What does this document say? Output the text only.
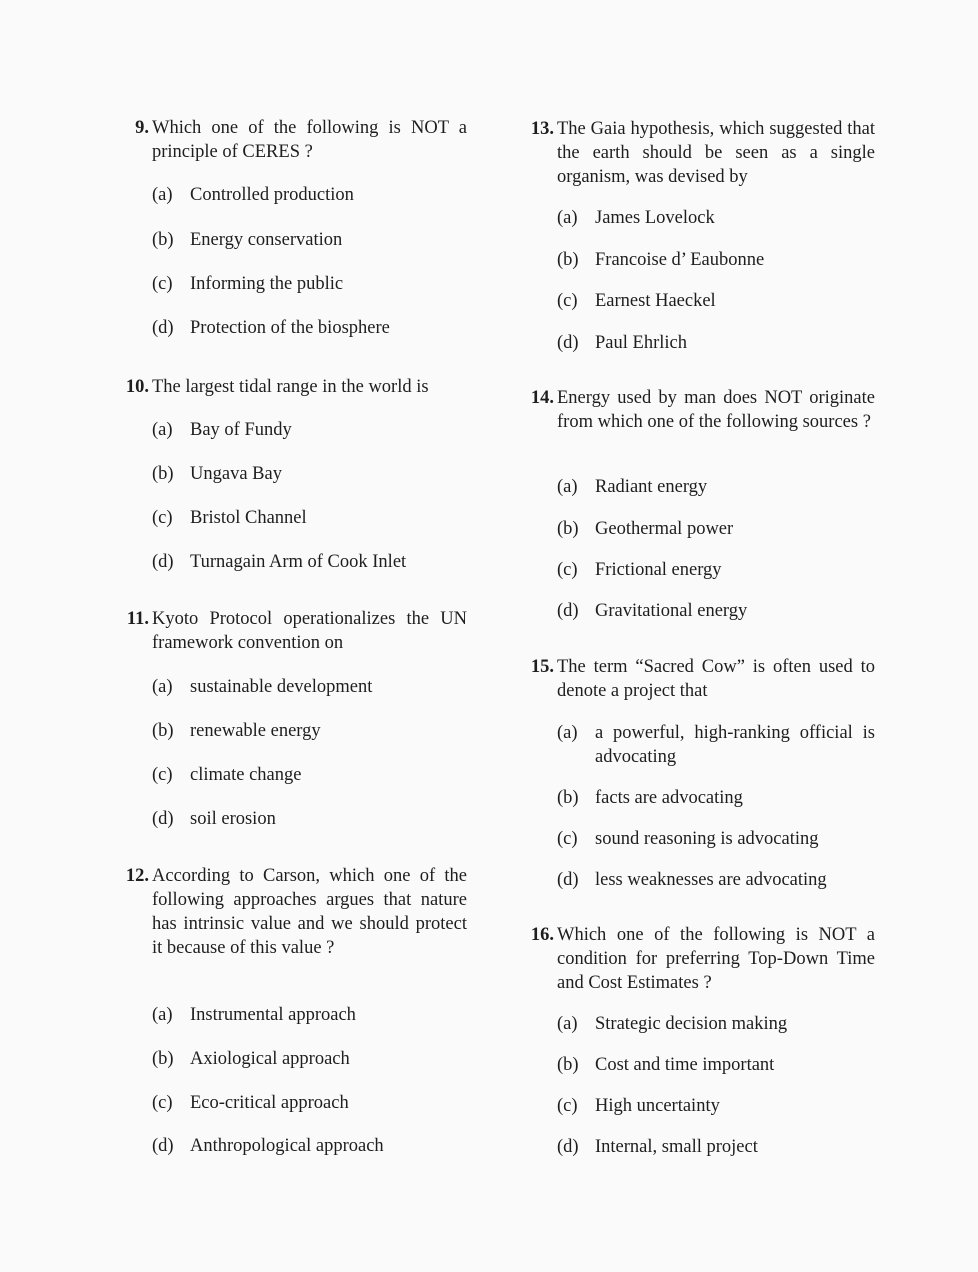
9. Which one of the following is NOT a principle of CERES ?
(a) Controlled production
(b) Energy conservation
(c) Informing the public
(d) Protection of the biosphere
10. The largest tidal range in the world is
(a) Bay of Fundy
(b) Ungava Bay
(c) Bristol Channel
(d) Turnagain Arm of Cook Inlet
11. Kyoto Protocol operationalizes the UN framework convention on
(a) sustainable development
(b) renewable energy
(c) climate change
(d) soil erosion
12. According to Carson, which one of the following approaches argues that nature has intrinsic value and we should protect it because of this value ?
(a) Instrumental approach
(b) Axiological approach
(c) Eco-critical approach
(d) Anthropological approach
13. The Gaia hypothesis, which suggested that the earth should be seen as a single organism, was devised by
(a) James Lovelock
(b) Francoise d’ Eaubonne
(c) Earnest Haeckel
(d) Paul Ehrlich
14. Energy used by man does NOT originate from which one of the following sources ?
(a) Radiant energy
(b) Geothermal power
(c) Frictional energy
(d) Gravitational energy
15. The term “Sacred Cow” is often used to denote a project that
(a) a powerful, high-ranking official is advocating
(b) facts are advocating
(c) sound reasoning is advocating
(d) less weaknesses are advocating
16. Which one of the following is NOT a condition for preferring Top-Down Time and Cost Estimates ?
(a) Strategic decision making
(b) Cost and time important
(c) High uncertainty
(d) Internal, small project
